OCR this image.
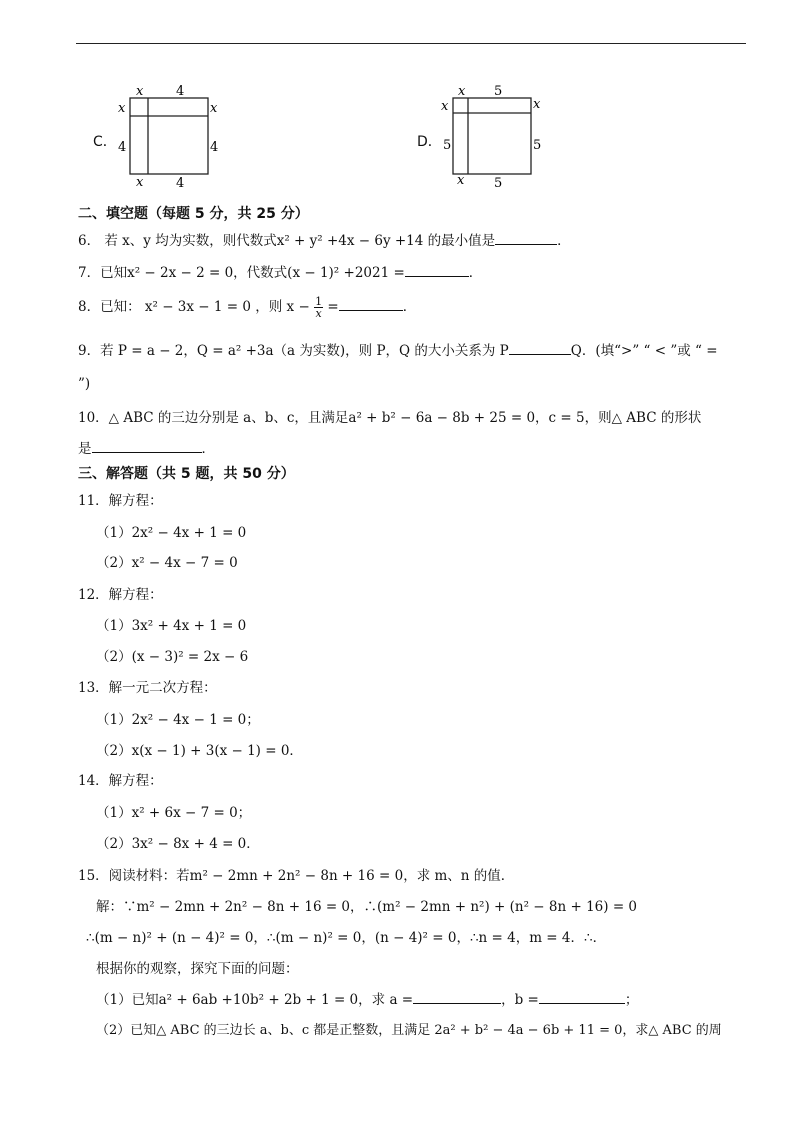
C．
x	4
x
x
4	4
x	4
D．
x 5
x
x
5	5
x 5
二、填空题（每题 5 分，共 25 分）
6． 若 x、y 均为实数，则代数式x² + y² +4x − 6y +14 的最小值是	．
7．已知x² − 2x − 2 = 0，代数式(x − 1)² +2021 =	．
8．已知： x² − 3x − 1 = 0 ，则 $x - \frac{1}{x}$ =	．
9．若 P = a − 2，Q = a² +3a（a 为实数)，则 P，Q 的大小关系为 P	Q．(填“>” “ < ”或 “ =
”)
10．△ ABC 的三边分别是 a、b、c，且满足a² + b² − 6a − 8b + 25 = 0，c = 5，则△ ABC 的形状
是	．
三、解答题（共 5 题，共 50 分）
11．解方程：
（1）2x² − 4x + 1 = 0
（2）x² − 4x − 7 = 0
12．解方程：
（1）3x² + 4x + 1 = 0
（2）(x − 3)² = 2x − 6
13．解一元二次方程：
（1）2x² − 4x − 1 = 0；
（2）x(x − 1) + 3(x − 1) = 0．
14．解方程：
（1）x² + 6x − 7 = 0；
（2）3x² − 8x + 4 = 0．
15．阅读材料：若m² − 2mn + 2n² − 8n + 16 = 0，求 m、n 的值．
解：∵m² − 2mn + 2n² − 8n + 16 = 0，∴(m² − 2mn + n²) + (n² − 8n + 16) = 0
∴(m − n)² + (n − 4)² = 0，∴(m − n)² = 0，(n − 4)² = 0，∴n = 4，m = 4．∴．
根据你的观察，探究下面的问题：
（1）已知a² + 6ab +10b² + 2b + 1 = 0，求 a =	，b =	；
（2）已知△ ABC 的三边长 a、b、c 都是正整数，且满足 2a² + b² − 4a − 6b + 11 = 0，求△ ABC 的周
